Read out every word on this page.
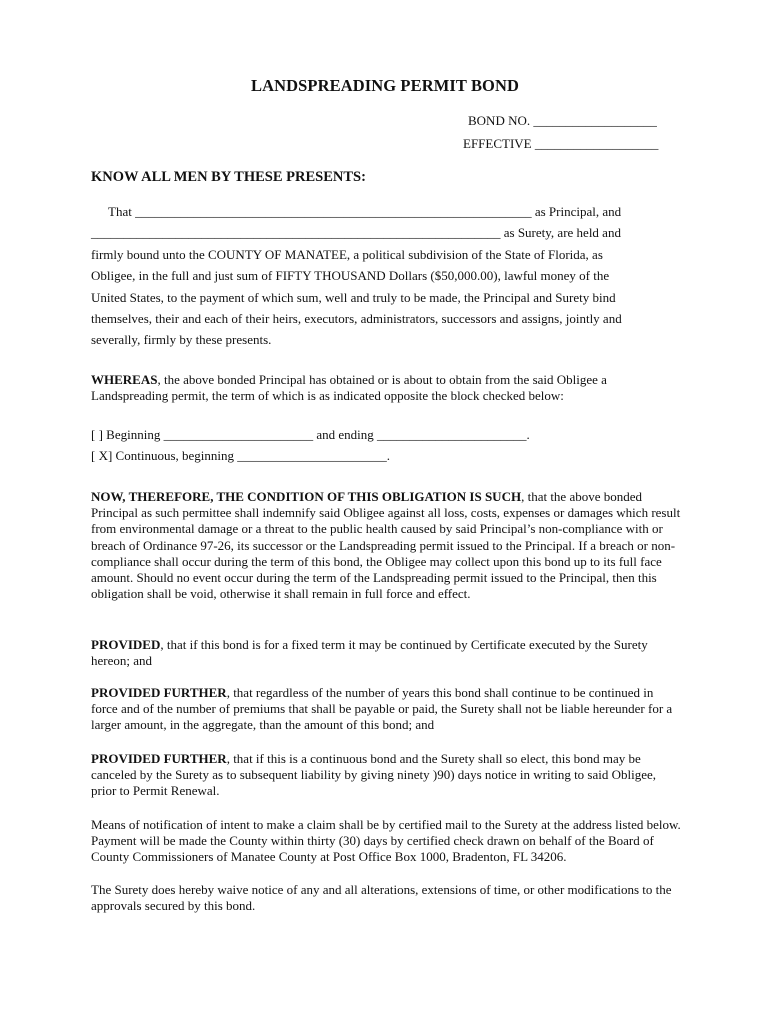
LANDSPREADING PERMIT BOND
BOND NO. ___________________
EFFECTIVE ___________________
KNOW ALL MEN BY THESE PRESENTS:
That _____________________________________________________________ as Principal, and
_______________________________________________________________ as Surety, are held and
firmly bound unto the COUNTY OF MANATEE, a political subdivision of the State of Florida, as
Obligee, in the full and just sum of FIFTY THOUSAND Dollars ($50,000.00), lawful money of the
United States, to the payment of which sum, well and truly to be made, the Principal and Surety bind
themselves, their and each of their heirs, executors, administrators, successors and assigns, jointly and
severally, firmly by these presents.
WHEREAS, the above bonded Principal has obtained or is about to obtain from the said Obligee a Landspreading permit, the term of which is as indicated opposite the block checked below:
[ ] Beginning _______________________ and ending _______________________.
[ X] Continuous, beginning _______________________.
NOW, THEREFORE, THE CONDITION OF THIS OBLIGATION IS SUCH, that the above bonded Principal as such permittee shall indemnify said Obligee against all loss, costs, expenses or damages which result from environmental damage or a threat to the public health caused by said Principal’s non-compliance with or breach of Ordinance 97-26, its successor or the Landspreading permit issued to the Principal. If a breach or non-compliance shall occur during the term of this bond, the Obligee may collect upon this bond up to its full face amount. Should no event occur during the term of the Landspreading permit issued to the Principal, then this obligation shall be void, otherwise it shall remain in full force and effect.
PROVIDED, that if this bond is for a fixed term it may be continued by Certificate executed by the Surety hereon; and
PROVIDED FURTHER, that regardless of the number of years this bond shall continue to be continued in force and of the number of premiums that shall be payable or paid, the Surety shall not be liable hereunder for a larger amount, in the aggregate, than the amount of this bond; and
PROVIDED FURTHER, that if this is a continuous bond and the Surety shall so elect, this bond may be canceled by the Surety as to subsequent liability by giving ninety )90) days notice in writing to said Obligee, prior to Permit Renewal.
Means of notification of intent to make a claim shall be by certified mail to the Surety at the address listed below. Payment will be made the County within thirty (30) days by certified check drawn on behalf of the Board of County Commissioners of Manatee County at Post Office Box 1000, Bradenton, FL 34206.
The Surety does hereby waive notice of any and all alterations, extensions of time, or other modifications to the approvals secured by this bond.
